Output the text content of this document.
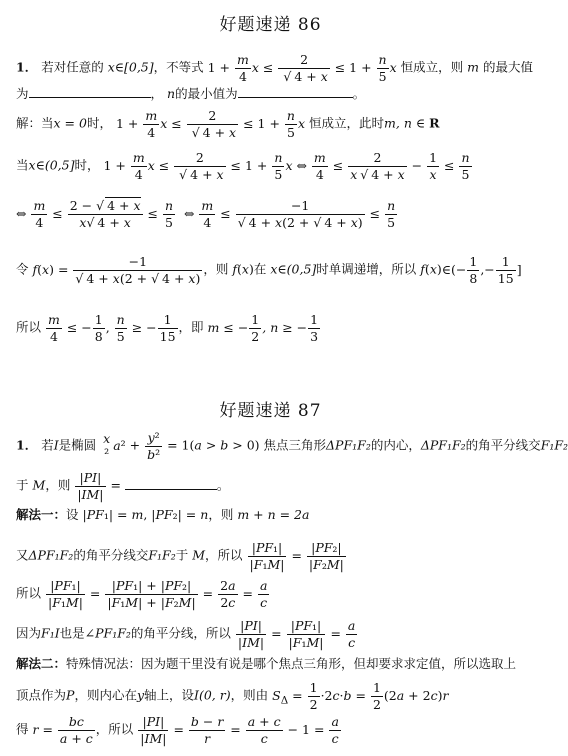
好题速递 86
1． 若对任意的 x∈[0,5]，不等式 $1 + \frac{m}{4}$ $x \le \frac{2}{√ 4 + x} \le 1 + \frac{n}{5}$ x 恒成立，则 m 的最大值
为	， n的最小值为	。
解：当x = 0时， $1 + \frac{m}{4}$ $x \le \frac{2}{√ 4 + x} \le 1 + \frac{n}{5}$ x 恒成立，此时m, n ∈ R
当x∈(0,5]时， $1 + \frac{m}{4}$ $x \le \frac{2}{√ 4 + x} \le 1 + \frac{n}{5}$ x ⇔ $\frac{m}{4} \le \frac{2}{x √ 4 + x} - \frac{1}{x} \le \frac{n}{5}$
⇔ $\frac{m}{4} \le \frac{2 - √ 4 + x}{x√ 4 + x} \le \frac{n}{5}$ ⇔ $\frac{m}{4} \le \frac{-1}{√ 4 + x(2 + √ 4 + x)} \le \frac{n}{5}$
令 $f(x) = \frac{-1}{√ 4 + x(2 + √ 4 + x)}$ ，则 f(x)在 x∈(0,5]时单调递增，所以 f(x)∈(− $\frac{1}{8}$ ,− $\frac{1}{15}$ ]
所以 $\frac{m}{4}$ ≤ − $\frac{1}{8}$ , $\frac{n}{5}$ ≥ − $\frac{1}{15}$ ，即 m ≤ − $\frac{1}{2}$ , n ≥ − $\frac{1}{3}$
好题速递 87
1． 若I是椭圆 x
$^2a^2 + \frac{\text{y²}}{\text{b²}} = 1(a > b > 0)$ 焦点三角形ΔPF₁F₂的内心，ΔPF₁F₂的角平分线交F₁F₂
于 M，则 $\frac{|PI|}{|IM|}$ =	。
解法一：设 |PF₁| = m, |PF₂| = n，则 m + n = 2a
又ΔPF₁F₂的角平分线交F₁F₂于 M，所以 $\frac{\text{|PF₁|}}{\text{|F₁M|}} = \frac{\text{|PF₂|}}{\text{|F₂M|}}$
所以 $\frac{\text{|PF₁|}}{\text{|F₁M|}} = \frac{\text{|PF₁| + |PF₂|}}{\text{|F₁M| + |F₂M|}} = \frac{2a}{2c} = \frac{a}{c}$
因为F₁I也是∠PF₁F₂的角平分线，所以 $\frac{|PI|}{|IM|} = \frac{\text{|PF₁|}}{\text{|F₁M|}} = \frac{a}{c}$
解法二：特殊情况法：因为题干里没有说是哪个焦点三角形，但却要求求定值，所以选取上
顶点作为P，则内心在y轴上，设I(0, r)，则由 $S_\Delta = \frac{1}{2} \cdot 2c\cdot b = \frac{1}{2} (2a + 2c)r$
得 $r = \frac{bc}{a + c}$ ，所以 $\frac{|PI|}{|IM|} = \frac{b - r}{r} = \frac{a + c}{c} - 1 = \frac{a}{c}$
